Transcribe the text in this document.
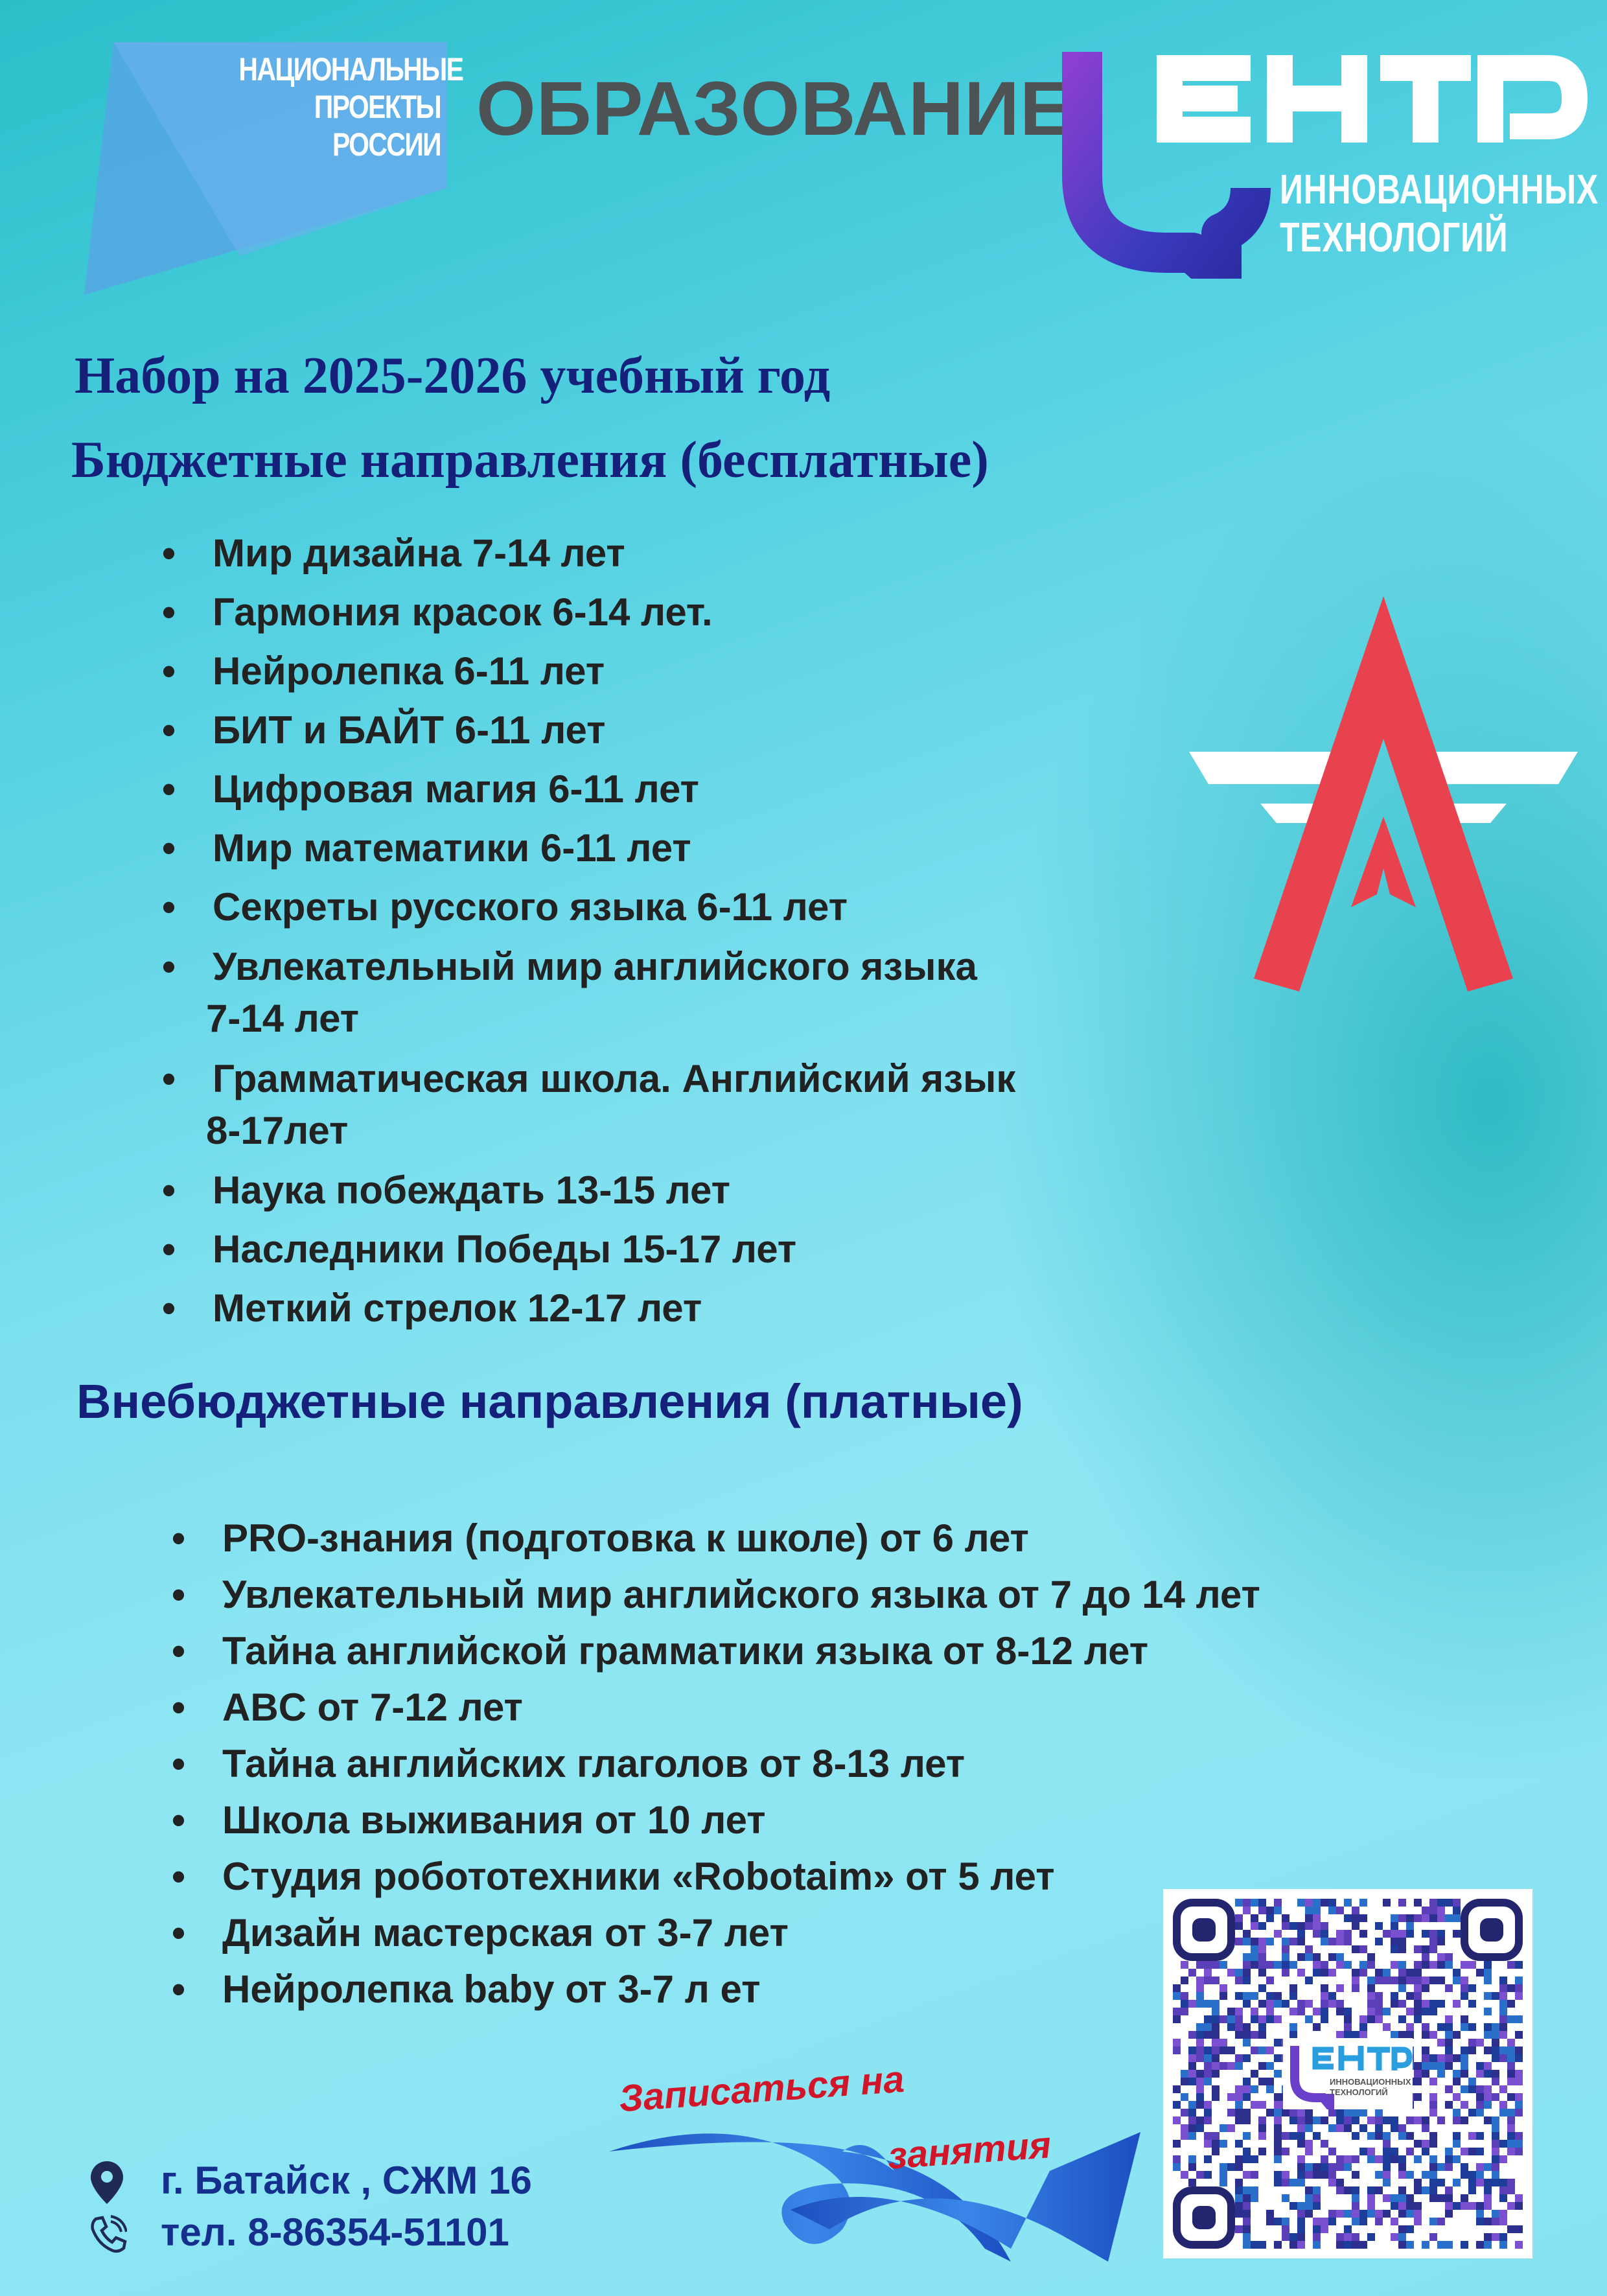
НАЦИОНАЛЬНЫЕ
ПРОЕКТЫ
РОССИИ ОБРАЗОВАНИЕ
ИННОВАЦИОННЫХ
ТЕХНОЛОГИЙ
Набор на 2025-2026 учебный год
Бюджетные направления (бесплатные)
• Мир дизайна 7-14 лет
• Гармония красок 6-14 лет.
• Нейролепка 6-11 лет
• БИТ и БАЙТ 6-11 лет
• Цифровая магия 6-11 лет
• Мир математики 6-11 лет
• Секреты русского языка 6-11 лет
• Увлекательный мир английского языка
7-14 лет
• Грамматическая школа. Английский язык
8-17лет
• Наука побеждать 13-15 лет
• Наследники Победы 15-17 лет
• Меткий стрелок 12-17 лет
Внебюджетные направления (платные)
• PRO-знания (подготовка к школе) от 6 лет
• Увлекательный мир английского языка от 7 до 14 лет
• Тайна английской грамматики языка от 8-12 лет
• ABC от 7-12 лет
• Тайна английских глаголов от 8-13 лет
• Школа выживания от 10 лет
• Студия робототехники «Robotaim» от 5 лет
• Дизайн мастерская от 3-7 лет
• Нейролепка baby от 3-7 л ет
Записаться на
занятия
г. Батайск , СЖМ 16
тел. 8-86354-51101
ИННОВАЦИОННЫХ
ТЕХНОЛОГИЙ
